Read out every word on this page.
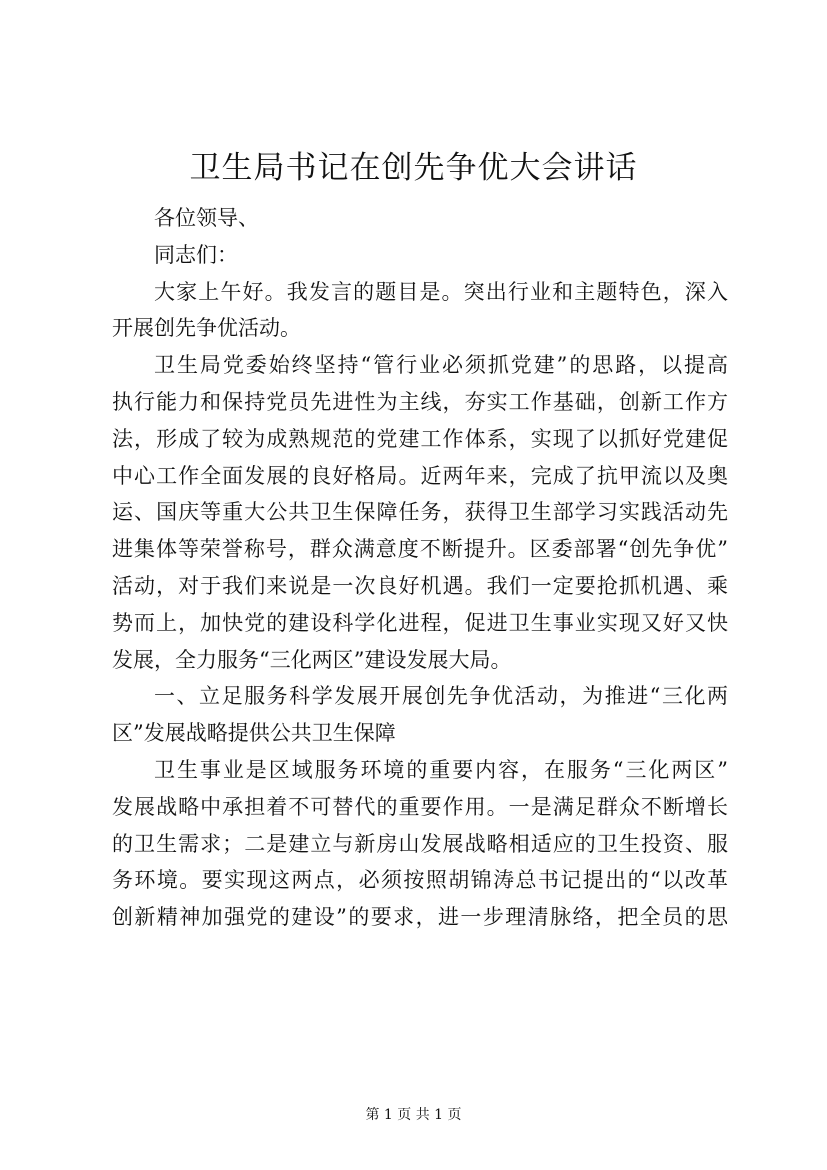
卫生局书记在创先争优大会讲话
各位领导、
同志们：
大家上午好。我发言的题目是。突出行业和主题特色，深入
开展创先争优活动。
卫生局党委始终坚持“管行业必须抓党建”的思路，以提高
执行能力和保持党员先进性为主线，夯实工作基础，创新工作方
法，形成了较为成熟规范的党建工作体系，实现了以抓好党建促
中心工作全面发展的良好格局。近两年来，完成了抗甲流以及奥
运、国庆等重大公共卫生保障任务，获得卫生部学习实践活动先
进集体等荣誉称号，群众满意度不断提升。区委部署“创先争优”
活动，对于我们来说是一次良好机遇。我们一定要抢抓机遇、乘
势而上，加快党的建设科学化进程，促进卫生事业实现又好又快
发展，全力服务“三化两区”建设发展大局。
一、立足服务科学发展开展创先争优活动，为推进“三化两
区”发展战略提供公共卫生保障
卫生事业是区域服务环境的重要内容，在服务“三化两区”
发展战略中承担着不可替代的重要作用。一是满足群众不断增长
的卫生需求；二是建立与新房山发展战略相适应的卫生投资、服
务环境。要实现这两点，必须按照胡锦涛总书记提出的“以改革
创新精神加强党的建设”的要求，进一步理清脉络，把全员的思
第 1 页 共 1 页
